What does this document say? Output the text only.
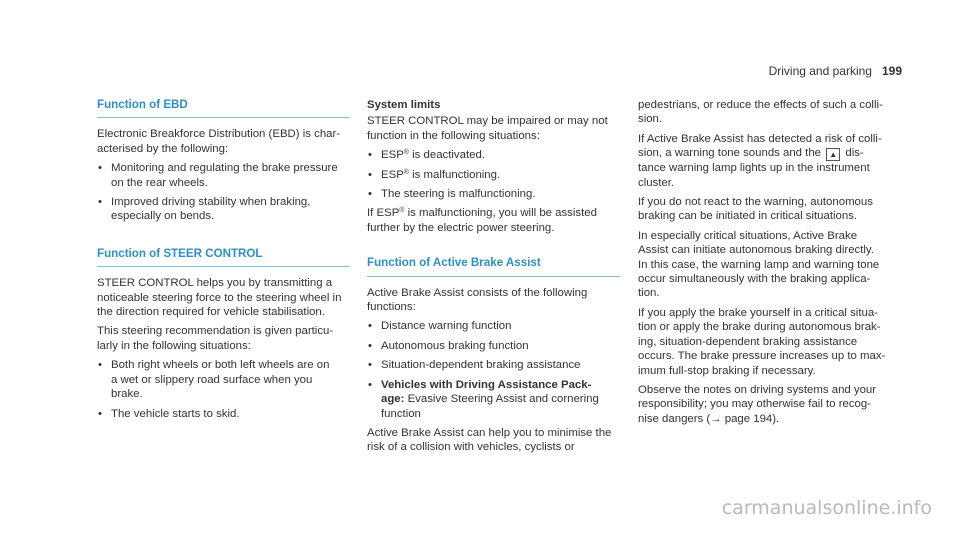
Driving and parking 199
Function of EBD

Electronic Breakforce Distribution (EBD) is char-
acterised by the following:

• Monitoring and regulating the brake pressure
on the rear wheels.
• Improved driving stability when braking,
especially on bends.
Function of STEER CONTROL

STEER CONTROL helps you by transmitting a
noticeable steering force to the steering wheel in
the direction required for vehicle stabilisation.

This steering recommendation is given particu-
larly in the following situations:

• Both right wheels or both left wheels are on
a wet or slippery road surface when you
brake.
• The vehicle starts to skid.
System limits

STEER CONTROL may be impaired or may not
function in the following situations:

• ESP® is deactivated.
• ESP® is malfunctioning.
• The steering is malfunctioning.

If ESP® is malfunctioning, you will be assisted
further by the electric power steering.

Function of Active Brake Assist

Active Brake Assist consists of the following
functions:

• Distance warning function
• Autonomous braking function
• Situation-dependent braking assistance
• Vehicles with Driving Assistance Pack-
age: Evasive Steering Assist and cornering
function

Active Brake Assist can help you to minimise the
risk of a collision with vehicles, cyclists or

pedestrians, or reduce the effects of such a colli-
sion.

If Active Brake Assist has detected a risk of colli-
sion, a warning tone sounds and the ▲ dis-
tance warning lamp lights up in the instrument
cluster.

If you do not react to the warning, autonomous
braking can be initiated in critical situations.

In especially critical situations, Active Brake
Assist can initiate autonomous braking directly.
In this case, the warning lamp and warning tone
occur simultaneously with the braking applica-
tion.

If you apply the brake yourself in a critical situa-
tion or apply the brake during autonomous brak-
ing, situation-dependent braking assistance
occurs. The brake pressure increases up to max-
imum full-stop braking if necessary.

Observe the notes on driving systems and your
responsibility; you may otherwise fail to recog-
nise dangers (→ page 194).

carmanualsonline.info
